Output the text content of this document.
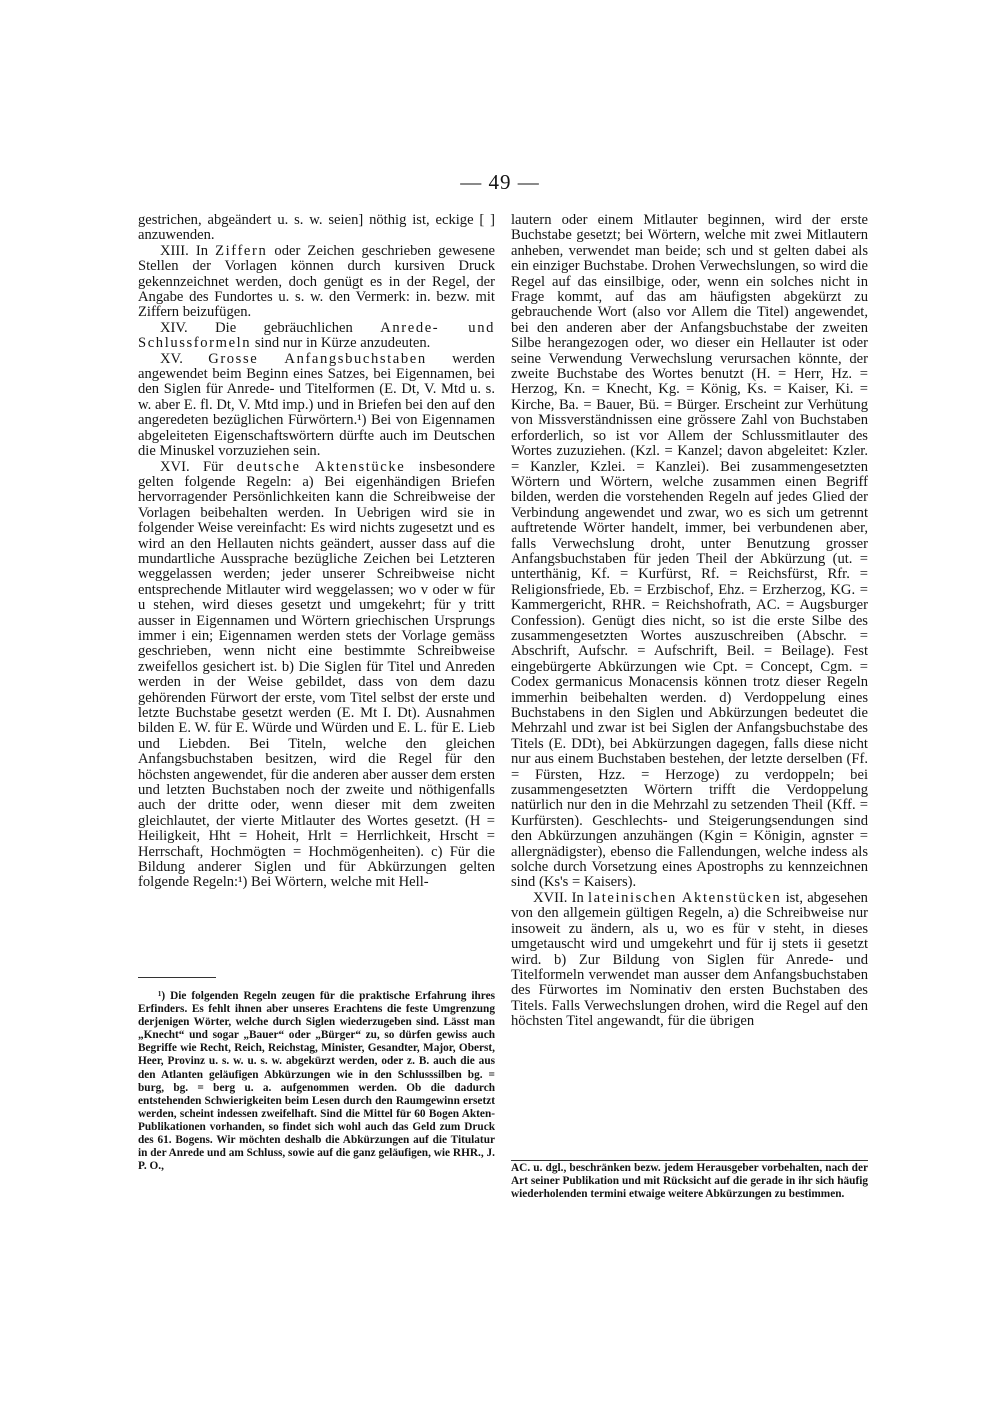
— 49 —

gestrichen, abgeändert u. s. w. seien] nöthig ist, eckige [ ] anzuwenden.

XIII. In Ziffern oder Zeichen geschrieben gewesene Stellen der Vorlagen können durch kursiven Druck gekennzeichnet werden, doch genügt es in der Regel, der Angabe des Fundortes u. s. w. den Vermerk: in. bezw. mit Ziffern beizufügen.

XIV. Die gebräuchlichen Anrede- und Schlussformeln sind nur in Kürze anzudeuten.

XV. Grosse Anfangsbuchstaben werden angewendet beim Beginn eines Satzes, bei Eigennamen, bei den Siglen für Anrede- und Titelformen (E. Dt, V. Mtd u. s. w. aber E. fl. Dt, V. Mtd imp.) und in Briefen bei den auf den angeredeten bezüglichen Fürwörtern.¹) Bei von Eigennamen abgeleiteten Eigenschaftswörtern dürfte auch im Deutschen die Minuskel vorzuziehen sein.

XVI. Für deutsche Aktenstücke insbesondere gelten folgende Regeln: a) Bei eigenhändigen Briefen hervorragender Persönlichkeiten kann die Schreibweise der Vorlagen beibehalten werden. In Uebrigen wird sie in folgender Weise vereinfacht: Es wird nichts zugesetzt und es wird an den Hellauten nichts geändert, ausser dass auf die mundartliche Aussprache bezügliche Zeichen bei Letzteren weggelassen werden; jeder unserer Schreibweise nicht entsprechende Mitlauter wird weggelassen; wo v oder w für u stehen, wird dieses gesetzt und umgekehrt; für y tritt ausser in Eigennamen und Wörtern griechischen Ursprungs immer i ein; Eigennamen werden stets der Vorlage gemäss geschrieben, wenn nicht eine bestimmte Schreibweise zweifellos gesichert ist. b) Die Siglen für Titel und Anreden werden in der Weise gebildet, dass von dem dazu gehörenden Fürwort der erste, vom Titel selbst der erste und letzte Buchstabe gesetzt werden (E. Mt I. Dt). Ausnahmen bilden E. W. für E. Würde und Würden und E. L. für E. Lieb und Liebden. Bei Titeln, welche den gleichen Anfangsbuchstaben besitzen, wird die Regel für den höchsten angewendet, für die anderen aber ausser dem ersten und letzten Buchstaben noch der zweite und nöthigenfalls auch der dritte oder, wenn dieser mit dem zweiten gleichlautet, der vierte Mitlauter des Wortes gesetzt. (H = Heiligkeit, Hht = Hoheit, Hrlt = Herrlichkeit, Hrscht = Herrschaft, Hochmögten = Hochmögenheiten). c) Für die Bildung anderer Siglen und für Abkürzungen gelten folgende Regeln:¹) Bei Wörtern, welche mit Hell-

lautern oder einem Mitlauter beginnen, wird der erste Buchstabe gesetzt; bei Wörtern, welche mit zwei Mitlautern anheben, verwendet man beide; sch und st gelten dabei als ein einziger Buchstabe. Drohen Verwechslungen, so wird die Regel auf das einsilbige, oder, wenn ein solches nicht in Frage kommt, auf das am häufigsten abgekürzt zu gebrauchende Wort (also vor Allem die Titel) angewendet, bei den anderen aber der Anfangsbuchstabe der zweiten Silbe herangezogen oder, wo dieser ein Hellauter ist oder seine Verwendung Verwechslung verursachen könnte, der zweite Buchstabe des Wortes benutzt (H. = Herr, Hz. = Herzog, Kn. = Knecht, Kg. = König, Ks. = Kaiser, Ki. = Kirche, Ba. = Bauer, Bü. = Bürger. Erscheint zur Verhütung von Missverständnissen eine grössere Zahl von Buchstaben erforderlich, so ist vor Allem der Schlussmitlauter des Wortes zuzuziehen. (Kzl. = Kanzel; davon abgeleitet: Kzler. = Kanzler, Kzlei. = Kanzlei). Bei zusammengesetzten Wörtern und Wörtern, welche zusammen einen Begriff bilden, werden die vorstehenden Regeln auf jedes Glied der Verbindung angewendet und zwar, wo es sich um getrennt auftretende Wörter handelt, immer, bei verbundenen aber, falls Verwechslung droht, unter Benutzung grosser Anfangsbuchstaben für jeden Theil der Abkürzung (ut. = unterthänig, Kf. = Kurfürst, Rf. = Reichsfürst, Rfr. = Religionsfriede, Eb. = Erzbischof, Ehz. = Erzherzog, KG. = Kammergericht, RHR. = Reichshofrath, AC. = Augsburger Confession). Genügt dies nicht, so ist die erste Silbe des zusammengesetzten Wortes auszuschreiben (Abschr. = Abschrift, Aufschr. = Aufschrift, Beil. = Beilage). Fest eingebürgerte Abkürzungen wie Cpt. = Concept, Cgm. = Codex germanicus Monacensis können trotz dieser Regeln immerhin beibehalten werden. d) Verdoppelung eines Buchstabens in den Siglen und Abkürzungen bedeutet die Mehrzahl und zwar ist bei Siglen der Anfangsbuchstabe des Titels (E. DDt), bei Abkürzungen dagegen, falls diese nicht nur aus einem Buchstaben bestehen, der letzte derselben (Ff. = Fürsten, Hzz. = Herzoge) zu verdoppeln; bei zusammengesetzten Wörtern trifft die Verdoppelung natürlich nur den in die Mehrzahl zu setzenden Theil (Kff. = Kurfürsten). Geschlechts- und Steigerungsendungen sind den Abkürzungen anzuhängen (Kgin = Königin, agnster = allergnädigster), ebenso die Fallendungen, welche indess als solche durch Vorsetzung eines Apostrophs zu kennzeichnen sind (Ks's = Kaisers).

XVII. In lateinischen Aktenstücken ist, abgesehen von den allgemein gültigen Regeln, a) die Schreibweise nur insoweit zu ändern, als u, wo es für v steht, in dieses umgetauscht wird und umgekehrt und für ij stets ii gesetzt wird. b) Zur Bildung von Siglen für Anrede- und Titelformeln verwendet man ausser dem Anfangsbuchstaben des Fürwortes im Nominativ den ersten Buchstaben des Titels. Falls Verwechslungen drohen, wird die Regel auf den höchsten Titel angewandt, für die übrigen

¹) Die folgenden Regeln zeugen für die praktische Erfahrung ihres Erfinders. Es fehlt ihnen aber unseres Erachtens die feste Umgrenzung derjenigen Wörter, welche durch Siglen wiederzugeben sind. Lässt man „Knecht“ und sogar „Bauer“ oder „Bürger“ zu, so dürfen gewiss auch Begriffe wie Recht, Reich, Reichstag, Minister, Gesandter, Major, Oberst, Heer, Provinz u. s. w. u. s. w. abgekürzt werden, oder z. B. auch die aus den Atlanten geläufigen Abkürzungen wie in den Schlusssilben bg. = burg, bg. = berg u. a. aufgenommen werden. Ob die dadurch entstehenden Schwierigkeiten beim Lesen durch den Raumgewinn ersetzt werden, scheint indessen zweifelhaft. Sind die Mittel für 60 Bogen Akten-Publikationen vorhanden, so findet sich wohl auch das Geld zum Druck des 61. Bogens. Wir möchten deshalb die Abkürzungen auf die Titulatur in der Anrede und am Schluss, sowie auf die ganz geläufigen, wie RHR., J. P. O.,	AC. u. dgl., beschränken bezw. jedem Herausgeber vorbehalten, nach der Art seiner Publikation und mit Rücksicht auf die gerade in ihr sich häufig wiederholenden termini etwaige weitere Abkürzungen zu bestimmen.
